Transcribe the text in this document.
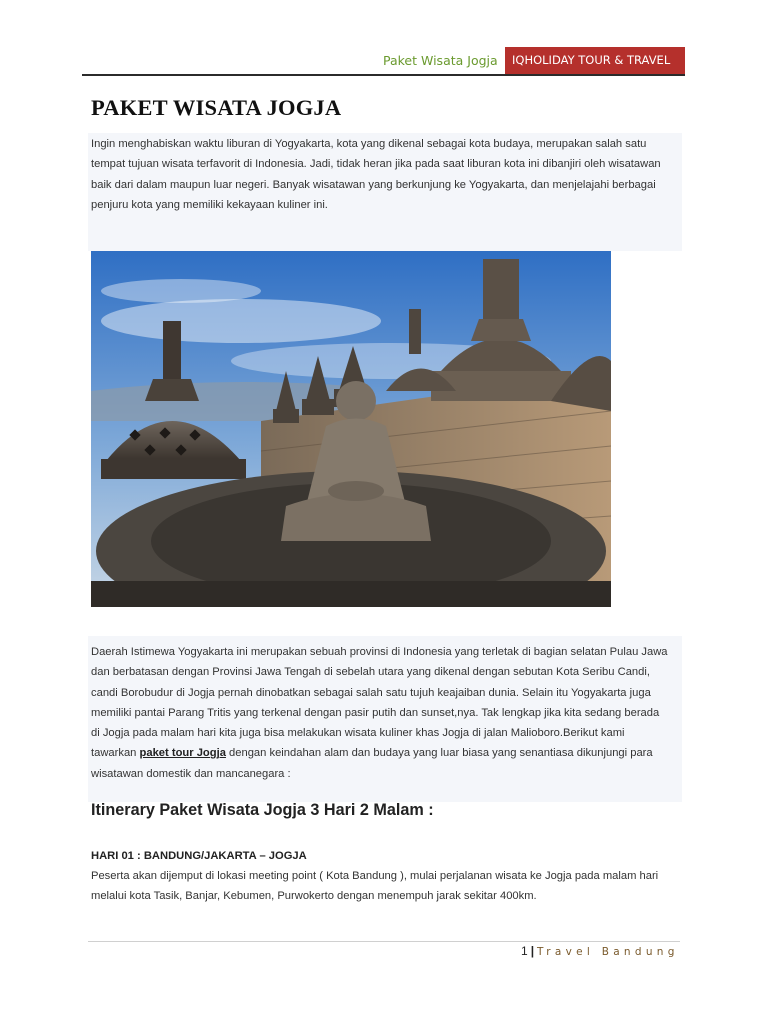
Paket Wisata Jogja	IQHOLIDAY TOUR & TRAVEL
PAKET WISATA JOGJA
Ingin menghabiskan waktu liburan di Yogyakarta, kota yang dikenal sebagai kota budaya, merupakan salah satu
tempat tujuan wisata terfavorit di Indonesia. Jadi, tidak heran jika pada saat liburan kota ini dibanjiri oleh wisatawan
baik dari dalam maupun luar negeri. Banyak wisatawan yang berkunjung ke Yogyakarta, dan menjelajahi berbagai
penjuru kota yang memiliki kekayaan kuliner ini.
Daerah Istimewa Yogyakarta ini merupakan sebuah provinsi di Indonesia yang terletak di bagian selatan Pulau Jawa
dan berbatasan dengan Provinsi Jawa Tengah di sebelah utara yang dikenal dengan sebutan Kota Seribu Candi,
candi Borobudur di Jogja pernah dinobatkan sebagai salah satu tujuh keajaiban dunia. Selain itu Yogyakarta juga
memiliki pantai Parang Tritis yang terkenal dengan pasir putih dan sunset,nya. Tak lengkap jika kita sedang berada
di Jogja pada malam hari kita juga bisa melakukan wisata kuliner khas Jogja di jalan Malioboro.Berikut kami
tawarkan paket tour Jogja dengan keindahan alam dan budaya yang luar biasa yang senantiasa dikunjungi para
wisatawan domestik dan mancanegara :
Itinerary Paket Wisata Jogja 3 Hari 2 Malam :
HARI 01 : BANDUNG/JAKARTA – JOGJA
Peserta akan dijemput di lokasi meeting point ( Kota Bandung ), mulai perjalanan wisata ke Jogja pada malam hari
melalui kota Tasik, Banjar, Kebumen, Purwokerto dengan menempuh jarak sekitar 400km.
1 | Travel Bandung
